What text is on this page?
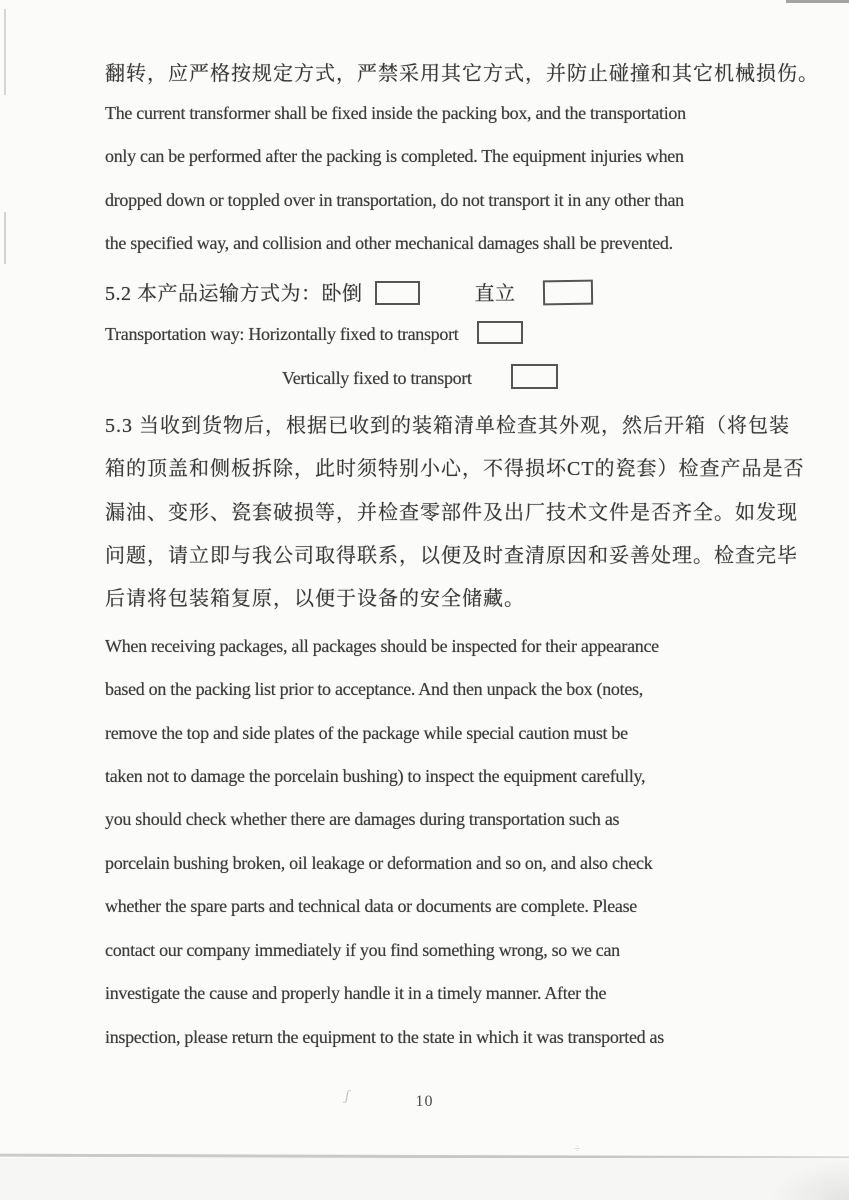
翻转，应严格按规定方式，严禁采用其它方式，并防止碰撞和其它机械损伤。
The current transformer shall be fixed inside the packing box, and the transportation
only can be performed after the packing is completed. The equipment injuries when
dropped down or toppled over in transportation, do not transport it in any other than
the specified way, and collision and other mechanical damages shall be prevented.
5.2 本产品运输方式为：卧倒	直立
Transportation way: Horizontally fixed to transport
Vertically fixed to transport
5.3 当收到货物后，根据已收到的装箱清单检查其外观，然后开箱（将包装
箱的顶盖和侧板拆除，此时须特别小心，不得损坏CT的瓷套）检查产品是否
漏油、变形、瓷套破损等，并检查零部件及出厂技术文件是否齐全。如发现
问题，请立即与我公司取得联系，以便及时查清原因和妥善处理。检查完毕
后请将包装箱复原，以便于设备的安全储藏。
When receiving packages, all packages should be inspected for their appearance
based on the packing list prior to acceptance. And then unpack the box (notes,
remove the top and side plates of the package while special caution must be
taken not to damage the porcelain bushing) to inspect the equipment carefully,
you should check whether there are damages during transportation such as
porcelain bushing broken, oil leakage or deformation and so on, and also check
whether the spare parts and technical data or documents are complete. Please
contact our company immediately if you find something wrong, so we can
investigate the cause and properly handle it in a timely manner. After the
inspection, please return the equipment to the state in which it was transported as
ʃ	10
÷
